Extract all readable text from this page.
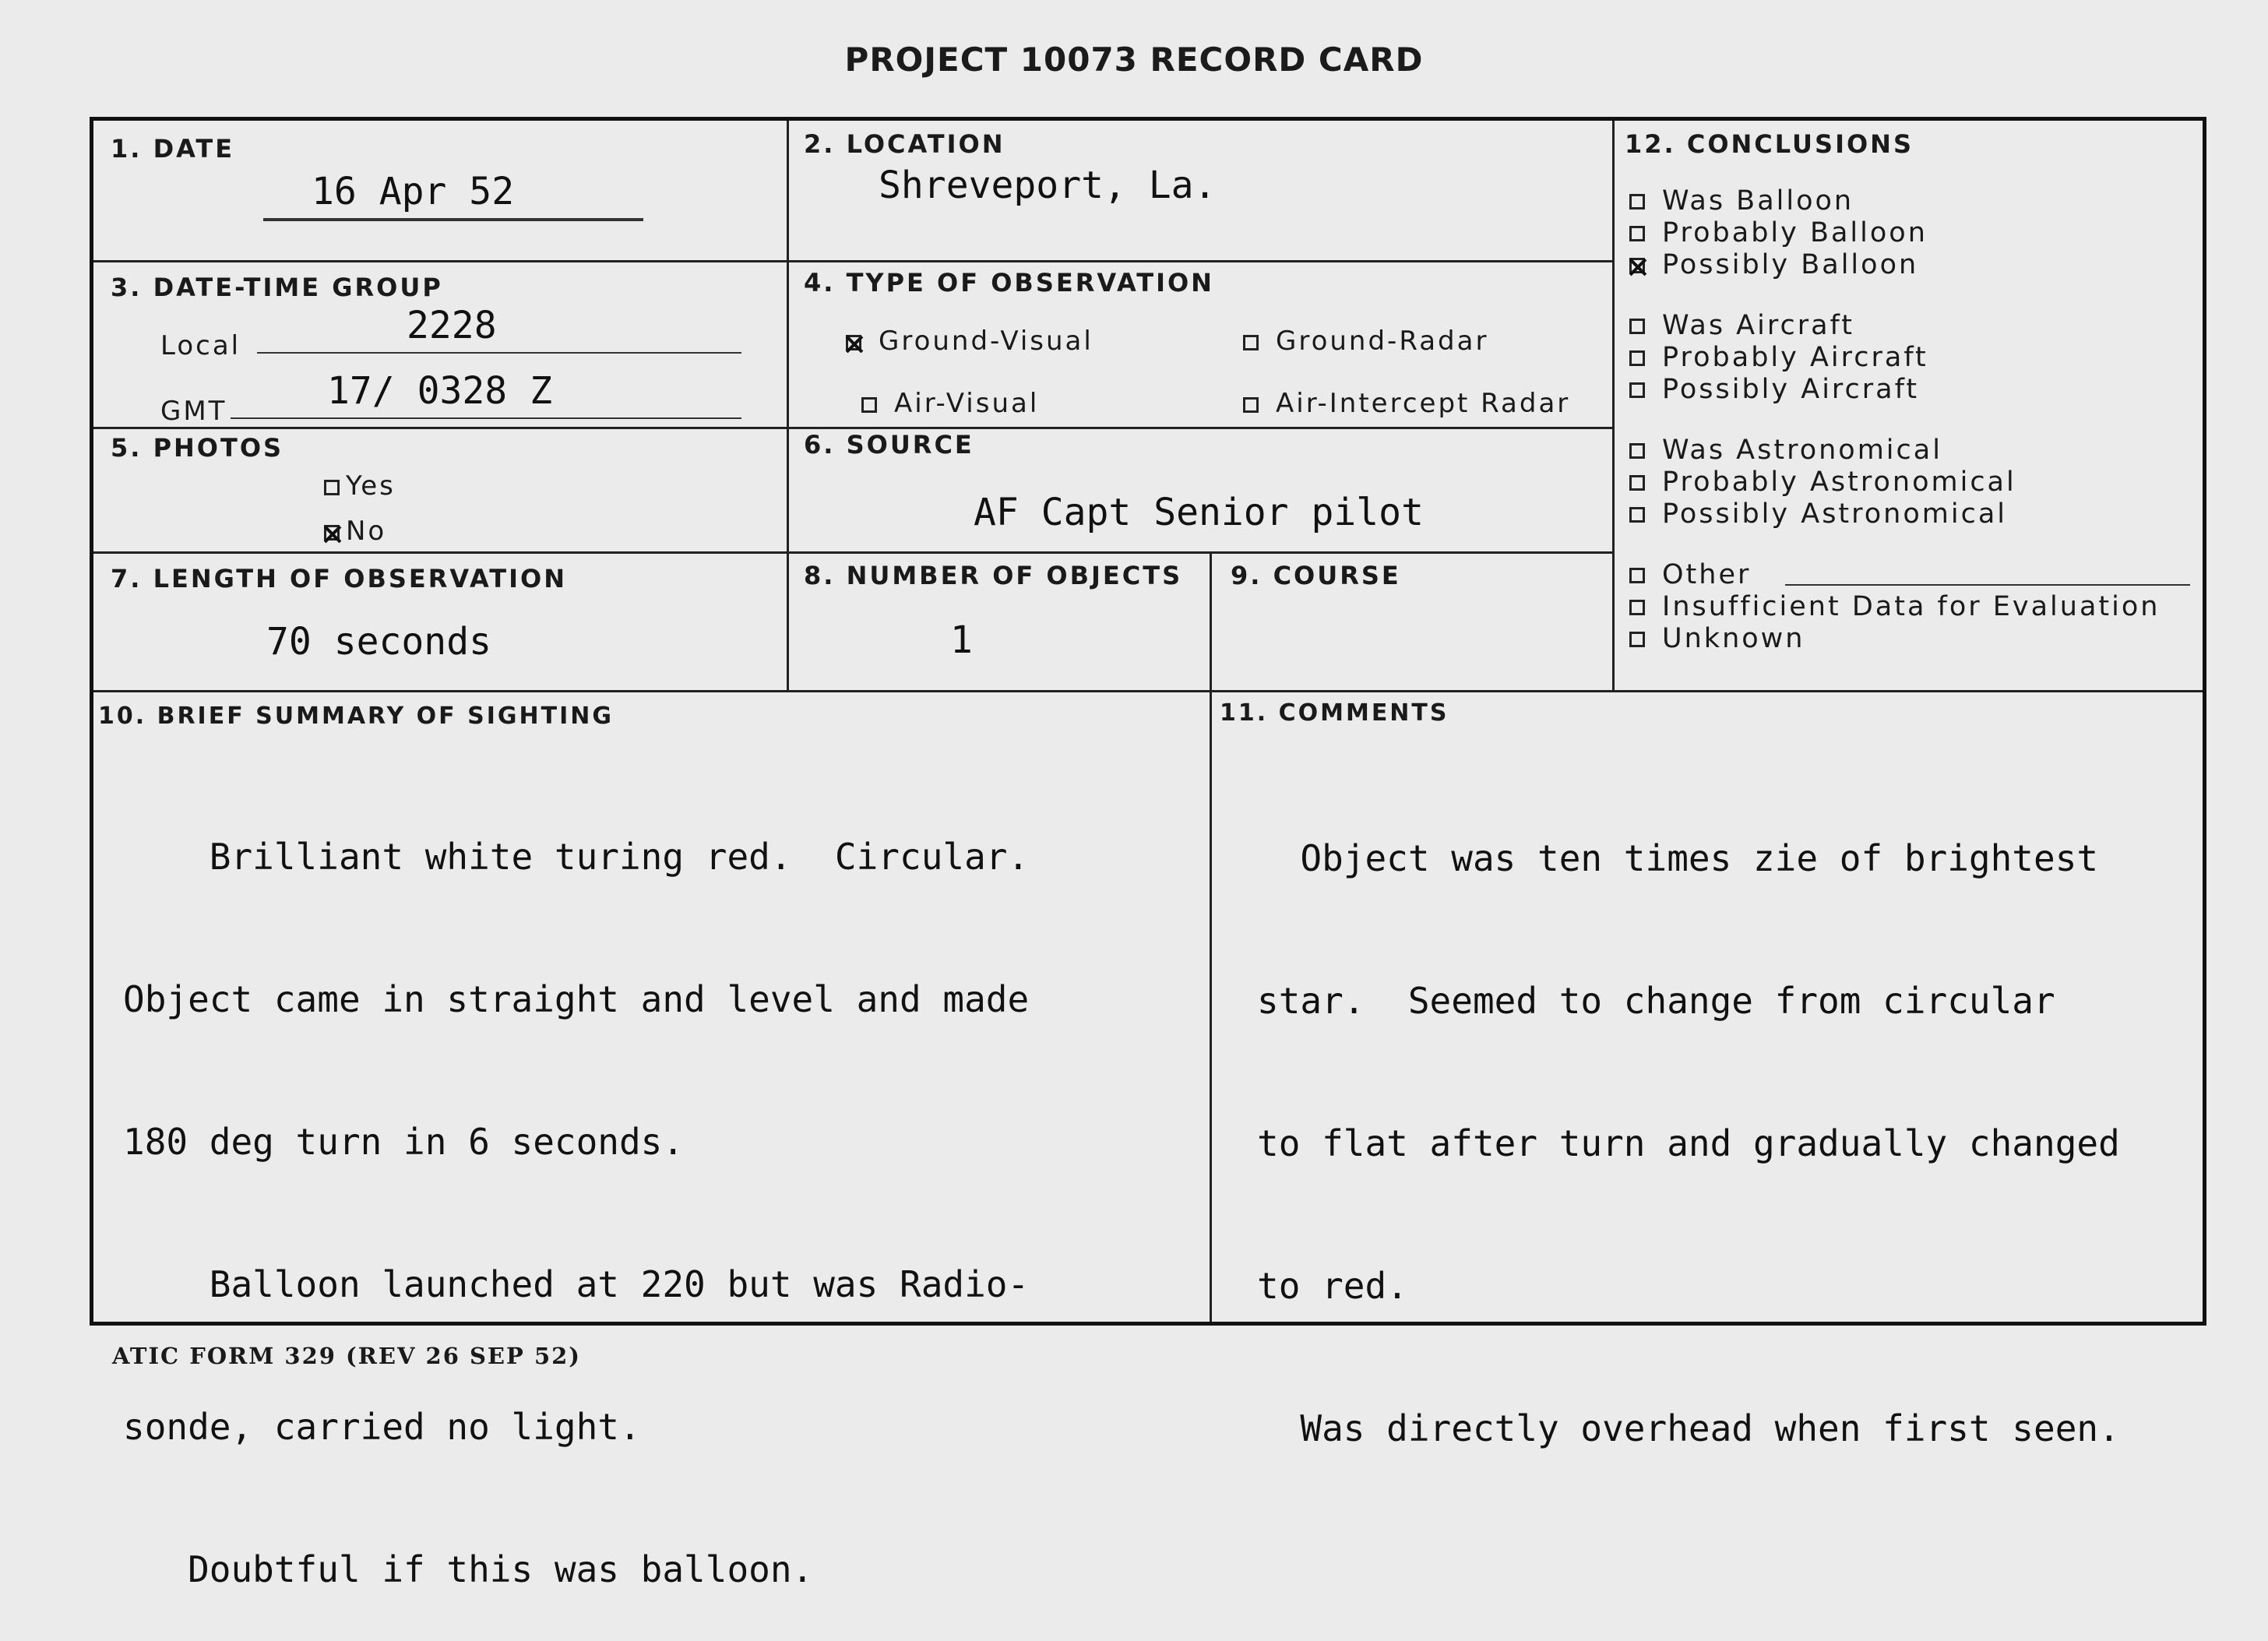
PROJECT 10073 RECORD CARD
1. DATE
16 Apr 52
2. LOCATION
Shreveport, La.
3. DATE-TIME GROUP
Local	2228
GMT	17/ 0328 Z
4. TYPE OF OBSERVATION
Ground-Visual	Ground-Radar
Air-Visual	Air-Intercept Radar
5. PHOTOS
Yes
No
6. SOURCE
AF Capt Senior pilot
7. LENGTH OF OBSERVATION
70 seconds
8. NUMBER OF OBJECTS
1
9. COURSE
12. CONCLUSIONS
Was Balloon
Probably Balloon
Possibly Balloon
Was Aircraft
Probably Aircraft
Possibly Aircraft
Was Astronomical
Probably Astronomical
Possibly Astronomical
Other
Insufficient Data for Evaluation
Unknown
10. BRIEF SUMMARY OF SIGHTING

Brilliant white turing red.  Circular.

Object came in straight and level and made

180 deg turn in 6 seconds.

Balloon launched at 220 but was Radio-

sonde, carried no light.

Doubtful if this was balloon.

11. COMMENTS

Object was ten times zie of brightest

star.  Seemed to change from circular

to flat after turn and gradually changed

to red.

Was directly overhead when first seen.

ATIC FORM 329 (REV 26 SEP 52)
